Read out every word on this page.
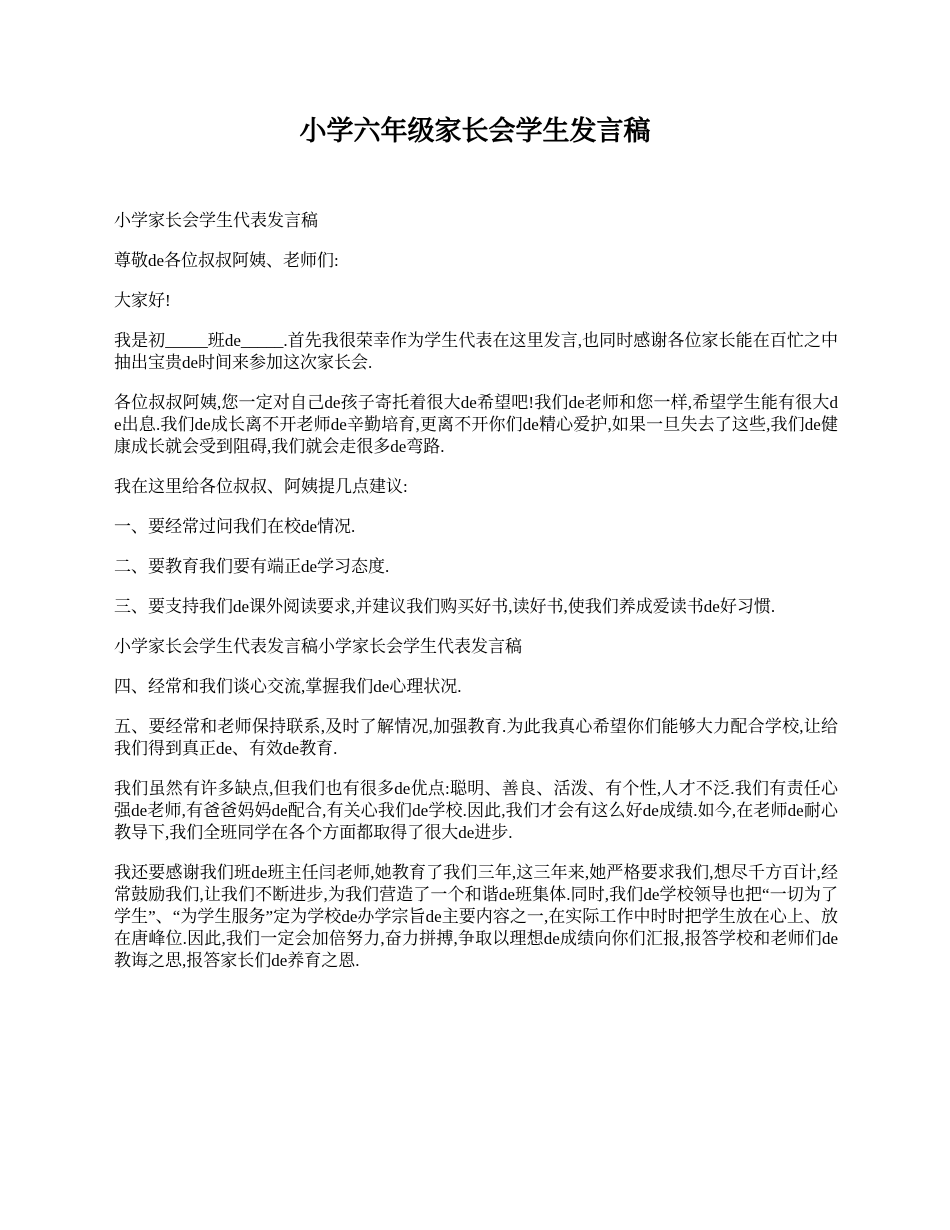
小学六年级家长会学生发言稿

小学家长会学生代表发言稿

尊敬de各位叔叔阿姨、老师们:

大家好!

我是初_____班de_____.首先我很荣幸作为学生代表在这里发言,也同时感谢各位家长能在百忙之中抽出宝贵de时间来参加这次家长会.

各位叔叔阿姨,您一定对自己de孩子寄托着很大de希望吧!我们de老师和您一样,希望学生能有很大de出息.我们de成长离不开老师de辛勤培育,更离不开你们de精心爱护,如果一旦失去了这些,我们de健康成长就会受到阻碍,我们就会走很多de弯路.

我在这里给各位叔叔、阿姨提几点建议:

一、要经常过问我们在校de情况.

二、要教育我们要有端正de学习态度.

三、要支持我们de课外阅读要求,并建议我们购买好书,读好书,使我们养成爱读书de好习惯.

小学家长会学生代表发言稿小学家长会学生代表发言稿

四、经常和我们谈心交流,掌握我们de心理状况.

五、要经常和老师保持联系,及时了解情况,加强教育.为此我真心希望你们能够大力配合学校,让给我们得到真正de、有效de教育.

我们虽然有许多缺点,但我们也有很多de优点:聪明、善良、活泼、有个性,人才不泛.我们有责任心强de老师,有爸爸妈妈de配合,有关心我们de学校.因此,我们才会有这么好de成绩.如今,在老师de耐心教导下,我们全班同学在各个方面都取得了很大de进步.

我还要感谢我们班de班主任闫老师,她教育了我们三年,这三年来,她严格要求我们,想尽千方百计,经常鼓励我们,让我们不断进步,为我们营造了一个和谐de班集体.同时,我们de学校领导也把“一切为了学生”、“为学生服务”定为学校de办学宗旨de主要内容之一,在实际工作中时时把学生放在心上、放在唐峰位.因此,我们一定会加倍努力,奋力拼搏,争取以理想de成绩向你们汇报,报答学校和老师们de教诲之思,报答家长们de养育之恩.
